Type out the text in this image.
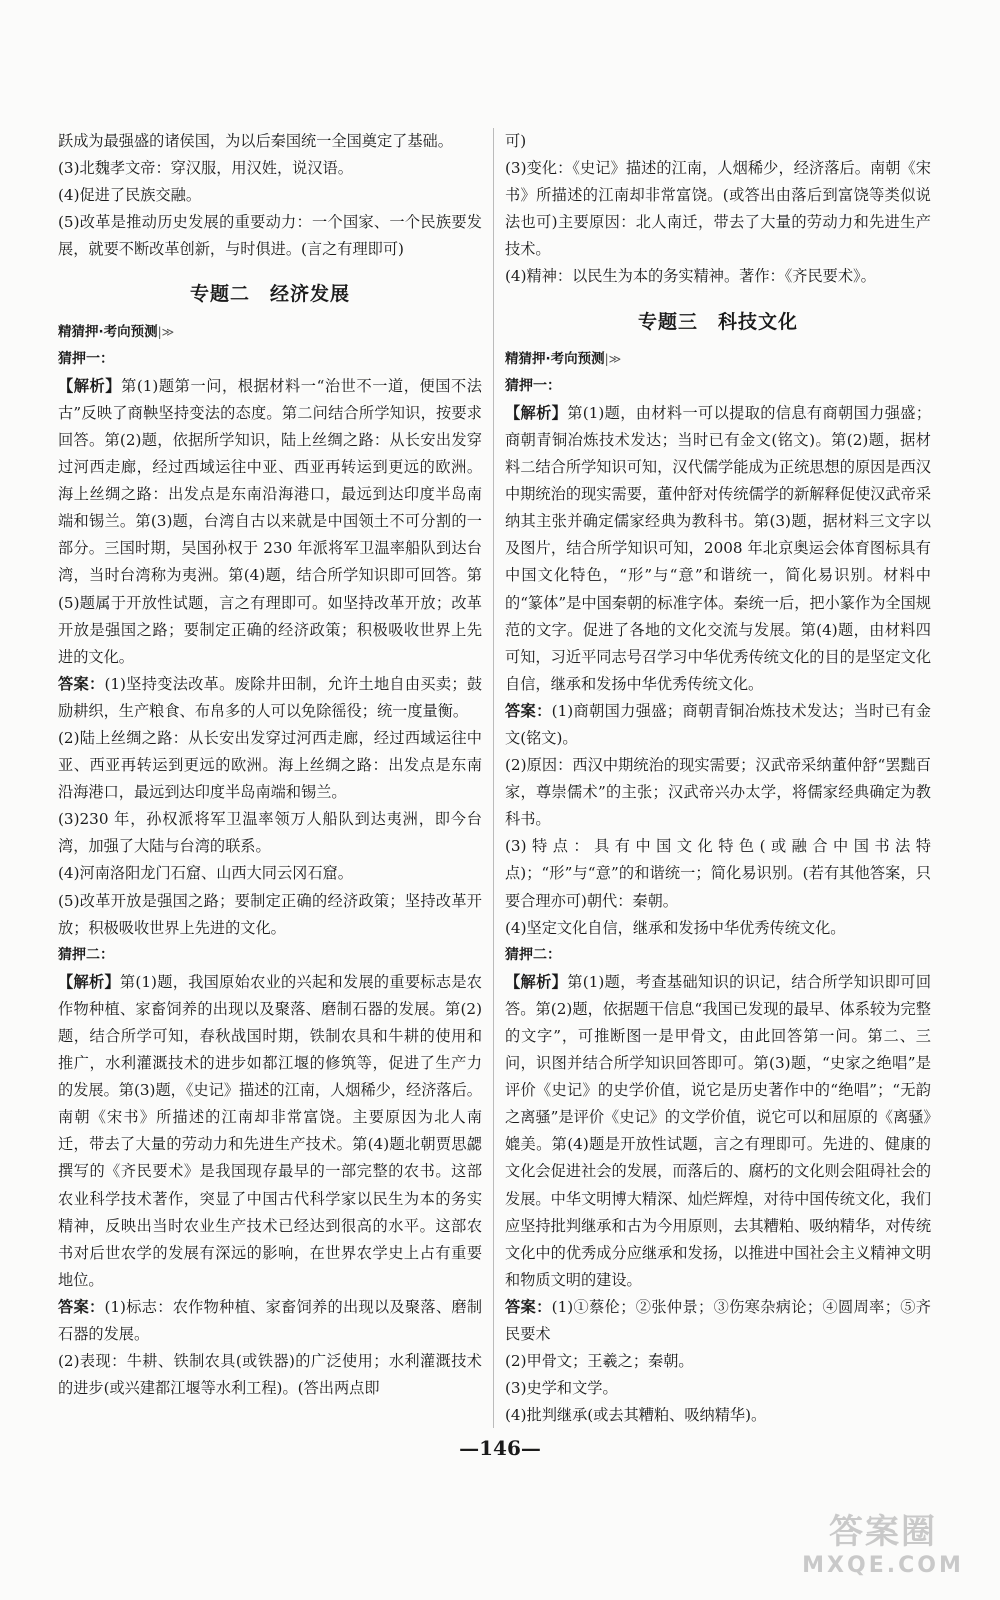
跃成为最强盛的诸侯国，为以后秦国统一全国奠定了基础。

(3)北魏孝文帝：穿汉服，用汉姓，说汉语。

(4)促进了民族交融。

(5)改革是推动历史发展的重要动力：一个国家、一个民族要发展，就要不断改革创新，与时俱进。(言之有理即可)

专题二　经济发展

精猜押·考向预测|≫

猜押一：

【解析】第(1)题第一问，根据材料一“治世不一道，便国不法古”反映了商鞅坚持变法的态度。第二问结合所学知识，按要求回答。第(2)题，依据所学知识，陆上丝绸之路：从长安出发穿过河西走廊，经过西域运往中亚、西亚再转运到更远的欧洲。海上丝绸之路：出发点是东南沿海港口，最远到达印度半岛南端和锡兰。第(3)题，台湾自古以来就是中国领土不可分割的一部分。三国时期，吴国孙权于 230 年派将军卫温率船队到达台湾，当时台湾称为夷洲。第(4)题，结合所学知识即可回答。第(5)题属于开放性试题，言之有理即可。如坚持改革开放；改革开放是强国之路；要制定正确的经济政策；积极吸收世界上先进的文化。

答案：(1)坚持变法改革。废除井田制，允许土地自由买卖；鼓励耕织，生产粮食、布帛多的人可以免除徭役；统一度量衡。

(2)陆上丝绸之路：从长安出发穿过河西走廊，经过西域运往中亚、西亚再转运到更远的欧洲。海上丝绸之路：出发点是东南沿海港口，最远到达印度半岛南端和锡兰。

(3)230 年，孙权派将军卫温率领万人船队到达夷洲，即今台湾，加强了大陆与台湾的联系。

(4)河南洛阳龙门石窟、山西大同云冈石窟。

(5)改革开放是强国之路；要制定正确的经济政策；坚持改革开放；积极吸收世界上先进的文化。

猜押二：

【解析】第(1)题，我国原始农业的兴起和发展的重要标志是农作物种植、家畜饲养的出现以及聚落、磨制石器的发展。第(2)题，结合所学可知，春秋战国时期，铁制农具和牛耕的使用和推广，水利灌溉技术的进步如都江堰的修筑等，促进了生产力的发展。第(3)题，《史记》描述的江南，人烟稀少，经济落后。南朝《宋书》所描述的江南却非常富饶。主要原因为北人南迁，带去了大量的劳动力和先进生产技术。第(4)题北朝贾思勰撰写的《齐民要术》是我国现存最早的一部完整的农书。这部农业科学技术著作，突显了中国古代科学家以民生为本的务实精神，反映出当时农业生产技术已经达到很高的水平。这部农书对后世农学的发展有深远的影响，在世界农学史上占有重要地位。

答案：(1)标志：农作物种植、家畜饲养的出现以及聚落、磨制石器的发展。

(2)表现：牛耕、铁制农具(或铁器)的广泛使用；水利灌溉技术的进步(或兴建都江堰等水利工程)。(答出两点即

可)

(3)变化：《史记》描述的江南，人烟稀少，经济落后。南朝《宋书》所描述的江南却非常富饶。(或答出由落后到富饶等类似说法也可)主要原因：北人南迁，带去了大量的劳动力和先进生产技术。

(4)精神：以民生为本的务实精神。著作：《齐民要术》。

专题三　科技文化

精猜押·考向预测|≫

猜押一：

【解析】第(1)题，由材料一可以提取的信息有商朝国力强盛；商朝青铜冶炼技术发达；当时已有金文(铭文)。第(2)题，据材料二结合所学知识可知，汉代儒学能成为正统思想的原因是西汉中期统治的现实需要，董仲舒对传统儒学的新解释促使汉武帝采纳其主张并确定儒家经典为教科书。第(3)题，据材料三文字以及图片，结合所学知识可知，2008 年北京奥运会体育图标具有中国文化特色，“形”与“意”和谐统一，简化易识别。材料中的“篆体”是中国秦朝的标准字体。秦统一后，把小篆作为全国规范的文字。促进了各地的文化交流与发展。第(4)题，由材料四可知，习近平同志号召学习中华优秀传统文化的目的是坚定文化自信，继承和发扬中华优秀传统文化。

答案：(1)商朝国力强盛；商朝青铜冶炼技术发达；当时已有金文(铭文)。

(2)原因：西汉中期统治的现实需要；汉武帝采纳董仲舒“罢黜百家，尊崇儒术”的主张；汉武帝兴办太学，将儒家经典确定为教科书。

(3)特点：具有中国文化特色(或融合中国书法特点)；“形”与“意”的和谐统一；简化易识别。(若有其他答案，只要合理亦可)朝代：秦朝。

(4)坚定文化自信，继承和发扬中华优秀传统文化。

猜押二：

【解析】第(1)题，考查基础知识的识记，结合所学知识即可回答。第(2)题，依据题干信息“我国已发现的最早、体系较为完整的文字”，可推断图一是甲骨文，由此回答第一问。第二、三问，识图并结合所学知识回答即可。第(3)题，“史家之绝唱”是评价《史记》的史学价值，说它是历史著作中的“绝唱”；“无韵之离骚”是评价《史记》的文学价值，说它可以和屈原的《离骚》媲美。第(4)题是开放性试题，言之有理即可。先进的、健康的文化会促进社会的发展，而落后的、腐朽的文化则会阻碍社会的发展。中华文明博大精深、灿烂辉煌，对待中国传统文化，我们应坚持批判继承和古为今用原则，去其糟粕、吸纳精华，对传统文化中的优秀成分应继承和发扬，以推进中国社会主义精神文明和物质文明的建设。

答案：(1)①蔡伦；②张仲景；③伤寒杂病论；④圆周率；⑤齐民要术

(2)甲骨文；王羲之；秦朝。

(3)史学和文学。

(4)批判继承(或去其糟粕、吸纳精华)。

—146—
答案圈
MXQE.COM
